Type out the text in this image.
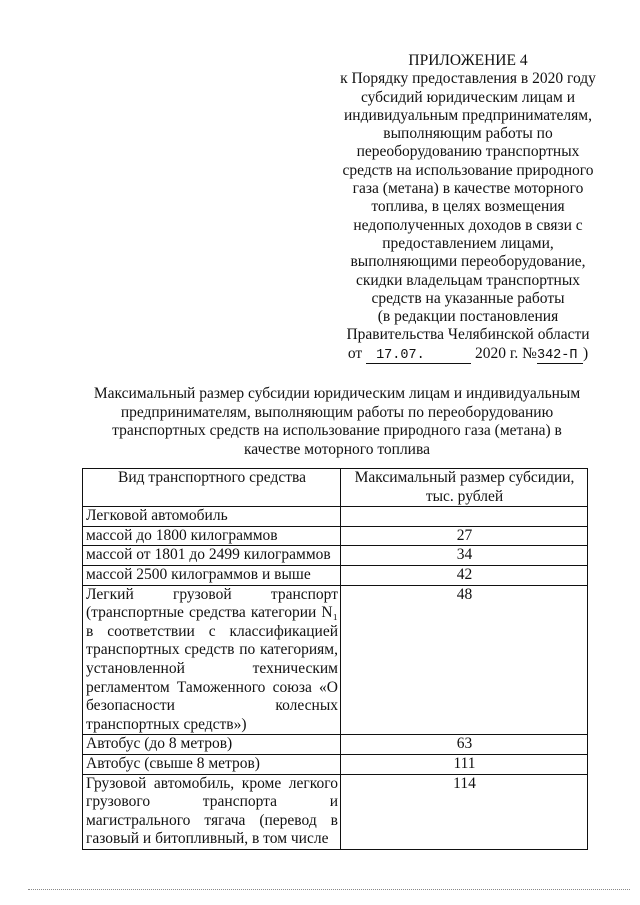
ПРИЛОЖЕНИЕ 4
к Порядку предоставления в 2020 году
субсидий юридическим лицам и
индивидуальным предпринимателям,
выполняющим работы по
переоборудованию транспортных
средств на использование природного
газа (метана) в качестве моторного
топлива, в целях возмещения
недополученных доходов в связи с
предоставлением лицами,
выполняющими переоборудование,
скидки владельцам транспортных
средств на указанные работы
(в редакции постановления
Правительства Челябинской области
от 17.07.	2020 г. №342-П )
Максимальный размер субсидии юридическим лицам и индивидуальным предпринимателям, выполняющим работы по переоборудованию транспортных средств на использование природного газа (метана) в качестве моторного топлива
Вид транспортного средства	Максимальный размер субсидии, тыс. рублей
Легковой автомобиль	
массой до 1800 килограммов	27
массой от 1801 до 2499 килограммов	34
массой 2500 килограммов и выше	42
Легкий грузовой транспорт (транспортные средства категории N₁ в соответствии с классификацией транспортных средств по категориям, установленной техническим регламентом Таможенного союза «О безопасности колесных транспортных средств»)	48
Автобус (до 8 метров)	63
Автобус (свыше 8 метров)	111
Грузовой автомобиль, кроме легкого грузового транспорта и магистрального тягача (перевод в газовый и битопливный, в том числе	114
